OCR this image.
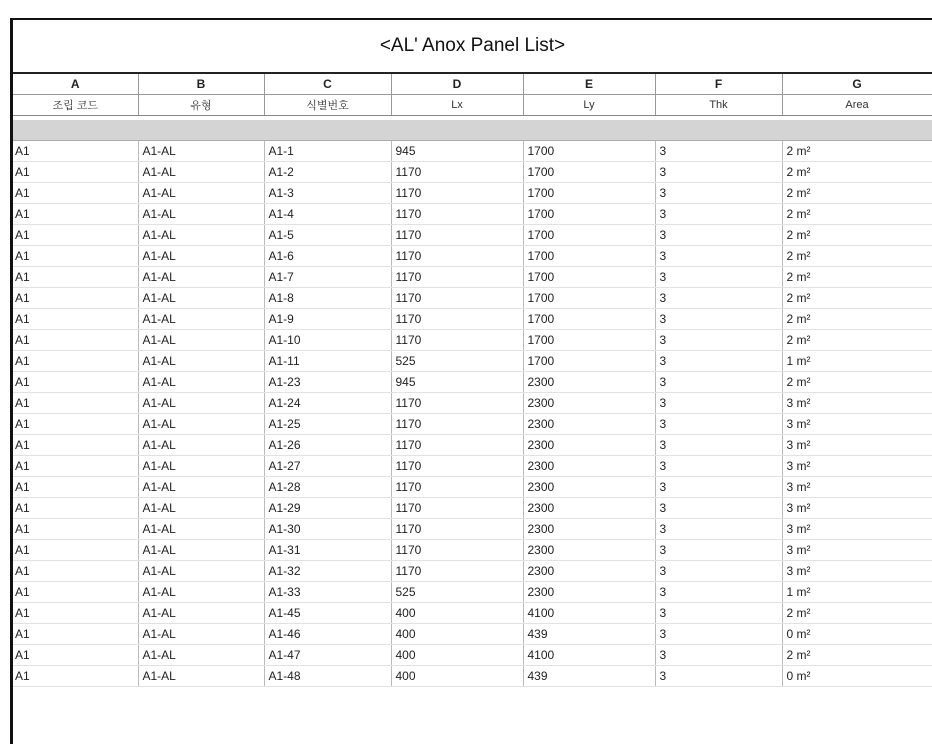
<AL' Anox Panel List>
A	B	C	D	E	F	G
조립 코드	유형	식별번호	Lx	Ly	Thk	Area

A1	A1-AL	A1-1	945	1700	3	2 m²
A1	A1-AL	A1-2	1170	1700	3	2 m²
A1	A1-AL	A1-3	1170	1700	3	2 m²
A1	A1-AL	A1-4	1170	1700	3	2 m²
A1	A1-AL	A1-5	1170	1700	3	2 m²
A1	A1-AL	A1-6	1170	1700	3	2 m²
A1	A1-AL	A1-7	1170	1700	3	2 m²
A1	A1-AL	A1-8	1170	1700	3	2 m²
A1	A1-AL	A1-9	1170	1700	3	2 m²
A1	A1-AL	A1-10	1170	1700	3	2 m²
A1	A1-AL	A1-11	525	1700	3	1 m²
A1	A1-AL	A1-23	945	2300	3	2 m²
A1	A1-AL	A1-24	1170	2300	3	3 m²
A1	A1-AL	A1-25	1170	2300	3	3 m²
A1	A1-AL	A1-26	1170	2300	3	3 m²
A1	A1-AL	A1-27	1170	2300	3	3 m²
A1	A1-AL	A1-28	1170	2300	3	3 m²
A1	A1-AL	A1-29	1170	2300	3	3 m²
A1	A1-AL	A1-30	1170	2300	3	3 m²
A1	A1-AL	A1-31	1170	2300	3	3 m²
A1	A1-AL	A1-32	1170	2300	3	3 m²
A1	A1-AL	A1-33	525	2300	3	1 m²
A1	A1-AL	A1-45	400	4100	3	2 m²
A1	A1-AL	A1-46	400	439	3	0 m²
A1	A1-AL	A1-47	400	4100	3	2 m²
A1	A1-AL	A1-48	400	439	3	0 m²
